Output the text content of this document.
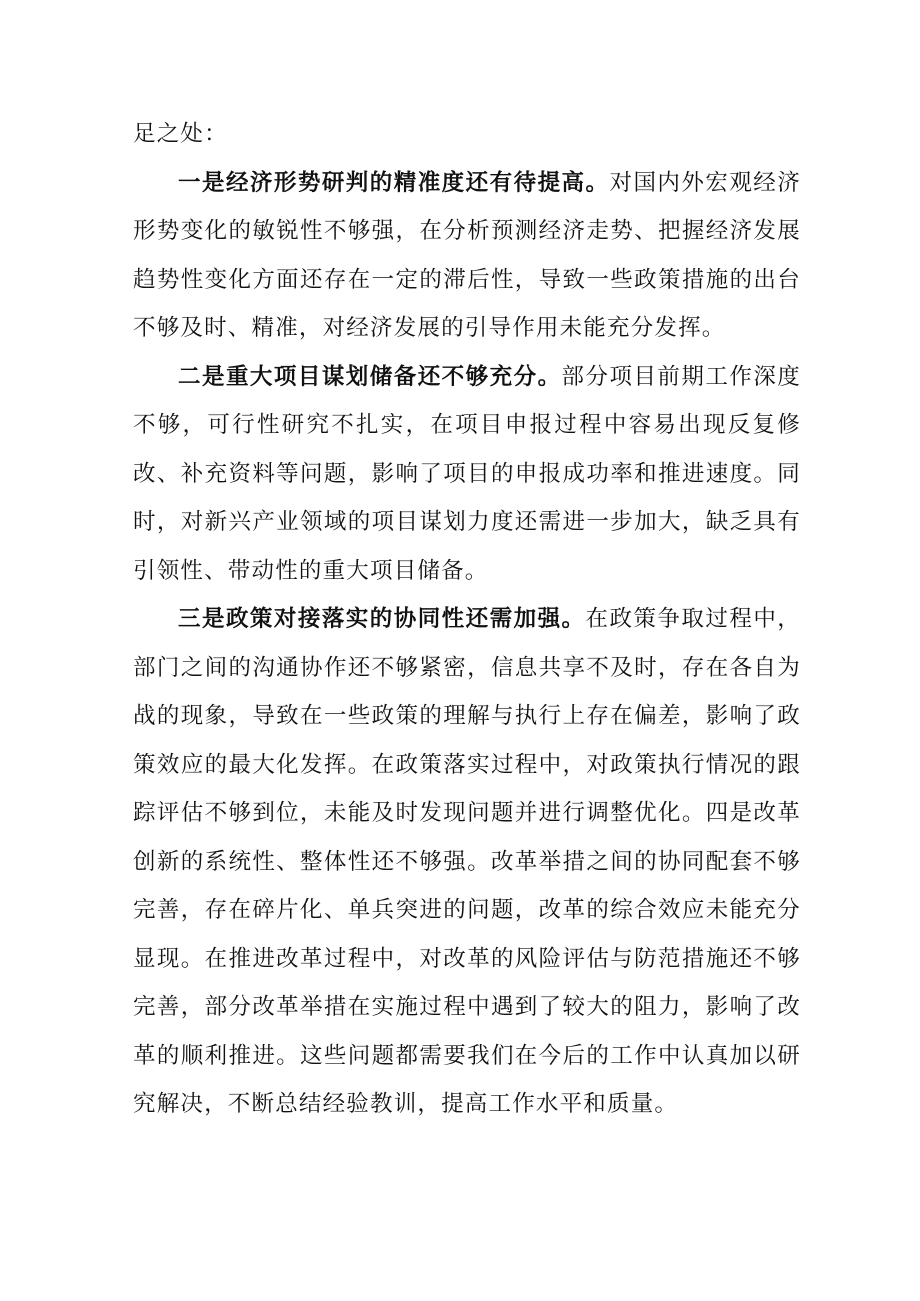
足之处：

一是经济形势研判的精准度还有待提高。对国内外宏观经济形势变化的敏锐性不够强，在分析预测经济走势、把握经济发展趋势性变化方面还存在一定的滞后性，导致一些政策措施的出台不够及时、精准，对经济发展的引导作用未能充分发挥。

二是重大项目谋划储备还不够充分。部分项目前期工作深度不够，可行性研究不扎实，在项目申报过程中容易出现反复修改、补充资料等问题，影响了项目的申报成功率和推进速度。同时，对新兴产业领域的项目谋划力度还需进一步加大，缺乏具有引领性、带动性的重大项目储备。

三是政策对接落实的协同性还需加强。在政策争取过程中，部门之间的沟通协作还不够紧密，信息共享不及时，存在各自为战的现象，导致在一些政策的理解与执行上存在偏差，影响了政策效应的最大化发挥。在政策落实过程中，对政策执行情况的跟踪评估不够到位，未能及时发现问题并进行调整优化。四是改革创新的系统性、整体性还不够强。改革举措之间的协同配套不够完善，存在碎片化、单兵突进的问题，改革的综合效应未能充分显现。在推进改革过程中，对改革的风险评估与防范措施还不够完善，部分改革举措在实施过程中遇到了较大的阻力，影响了改革的顺利推进。这些问题都需要我们在今后的工作中认真加以研究解决，不断总结经验教训，提高工作水平和质量。
